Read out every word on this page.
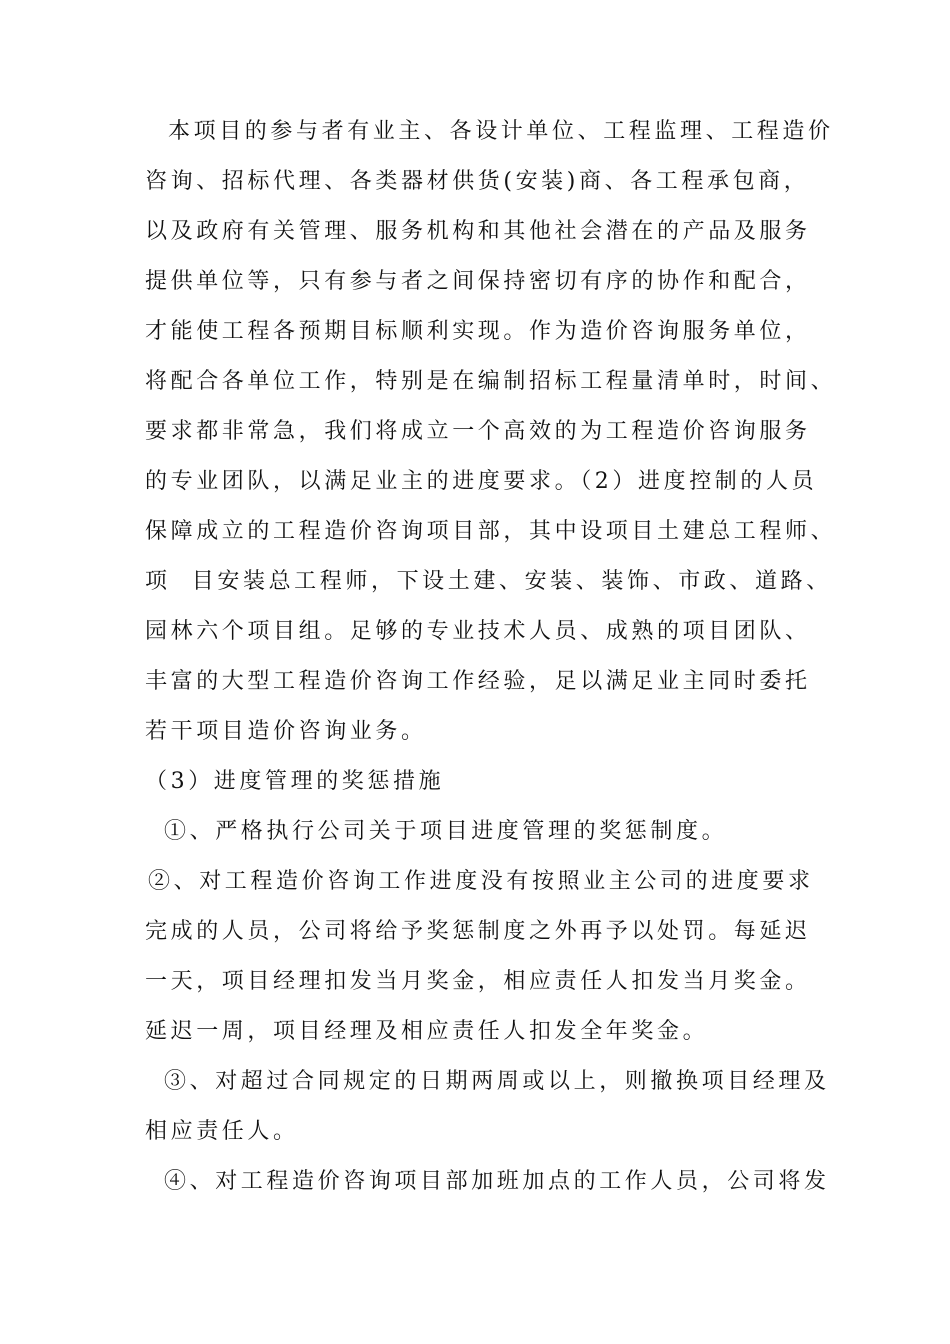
本项目的参与者有业主、各设计单位、工程监理、工程造价
咨询、招标代理、各类器材供货(安装)商、各工程承包商，
以及政府有关管理、服务机构和其他社会潜在的产品及服务
提供单位等，只有参与者之间保持密切有序的协作和配合，
才能使工程各预期目标顺利实现。作为造价咨询服务单位，
将配合各单位工作，特别是在编制招标工程量清单时，时间、
要求都非常急，我们将成立一个高效的为工程造价咨询服务
的专业团队，以满足业主的进度要求。（2）进度控制的人员
保障成立的工程造价咨询项目部，其中设项目土建总工程师、
项  目安装总工程师，下设土建、安装、装饰、市政、道路、
园林六个项目组。足够的专业技术人员、成熟的项目团队、
丰富的大型工程造价咨询工作经验，足以满足业主同时委托
若干项目造价咨询业务。
（3）进度管理的奖惩措施
①、严格执行公司关于项目进度管理的奖惩制度。
②、对工程造价咨询工作进度没有按照业主公司的进度要求
完成的人员，公司将给予奖惩制度之外再予以处罚。每延迟
一天，项目经理扣发当月奖金，相应责任人扣发当月奖金。
延迟一周，项目经理及相应责任人扣发全年奖金。
③、对超过合同规定的日期两周或以上，则撤换项目经理及
相应责任人。
④、对工程造价咨询项目部加班加点的工作人员，公司将发
